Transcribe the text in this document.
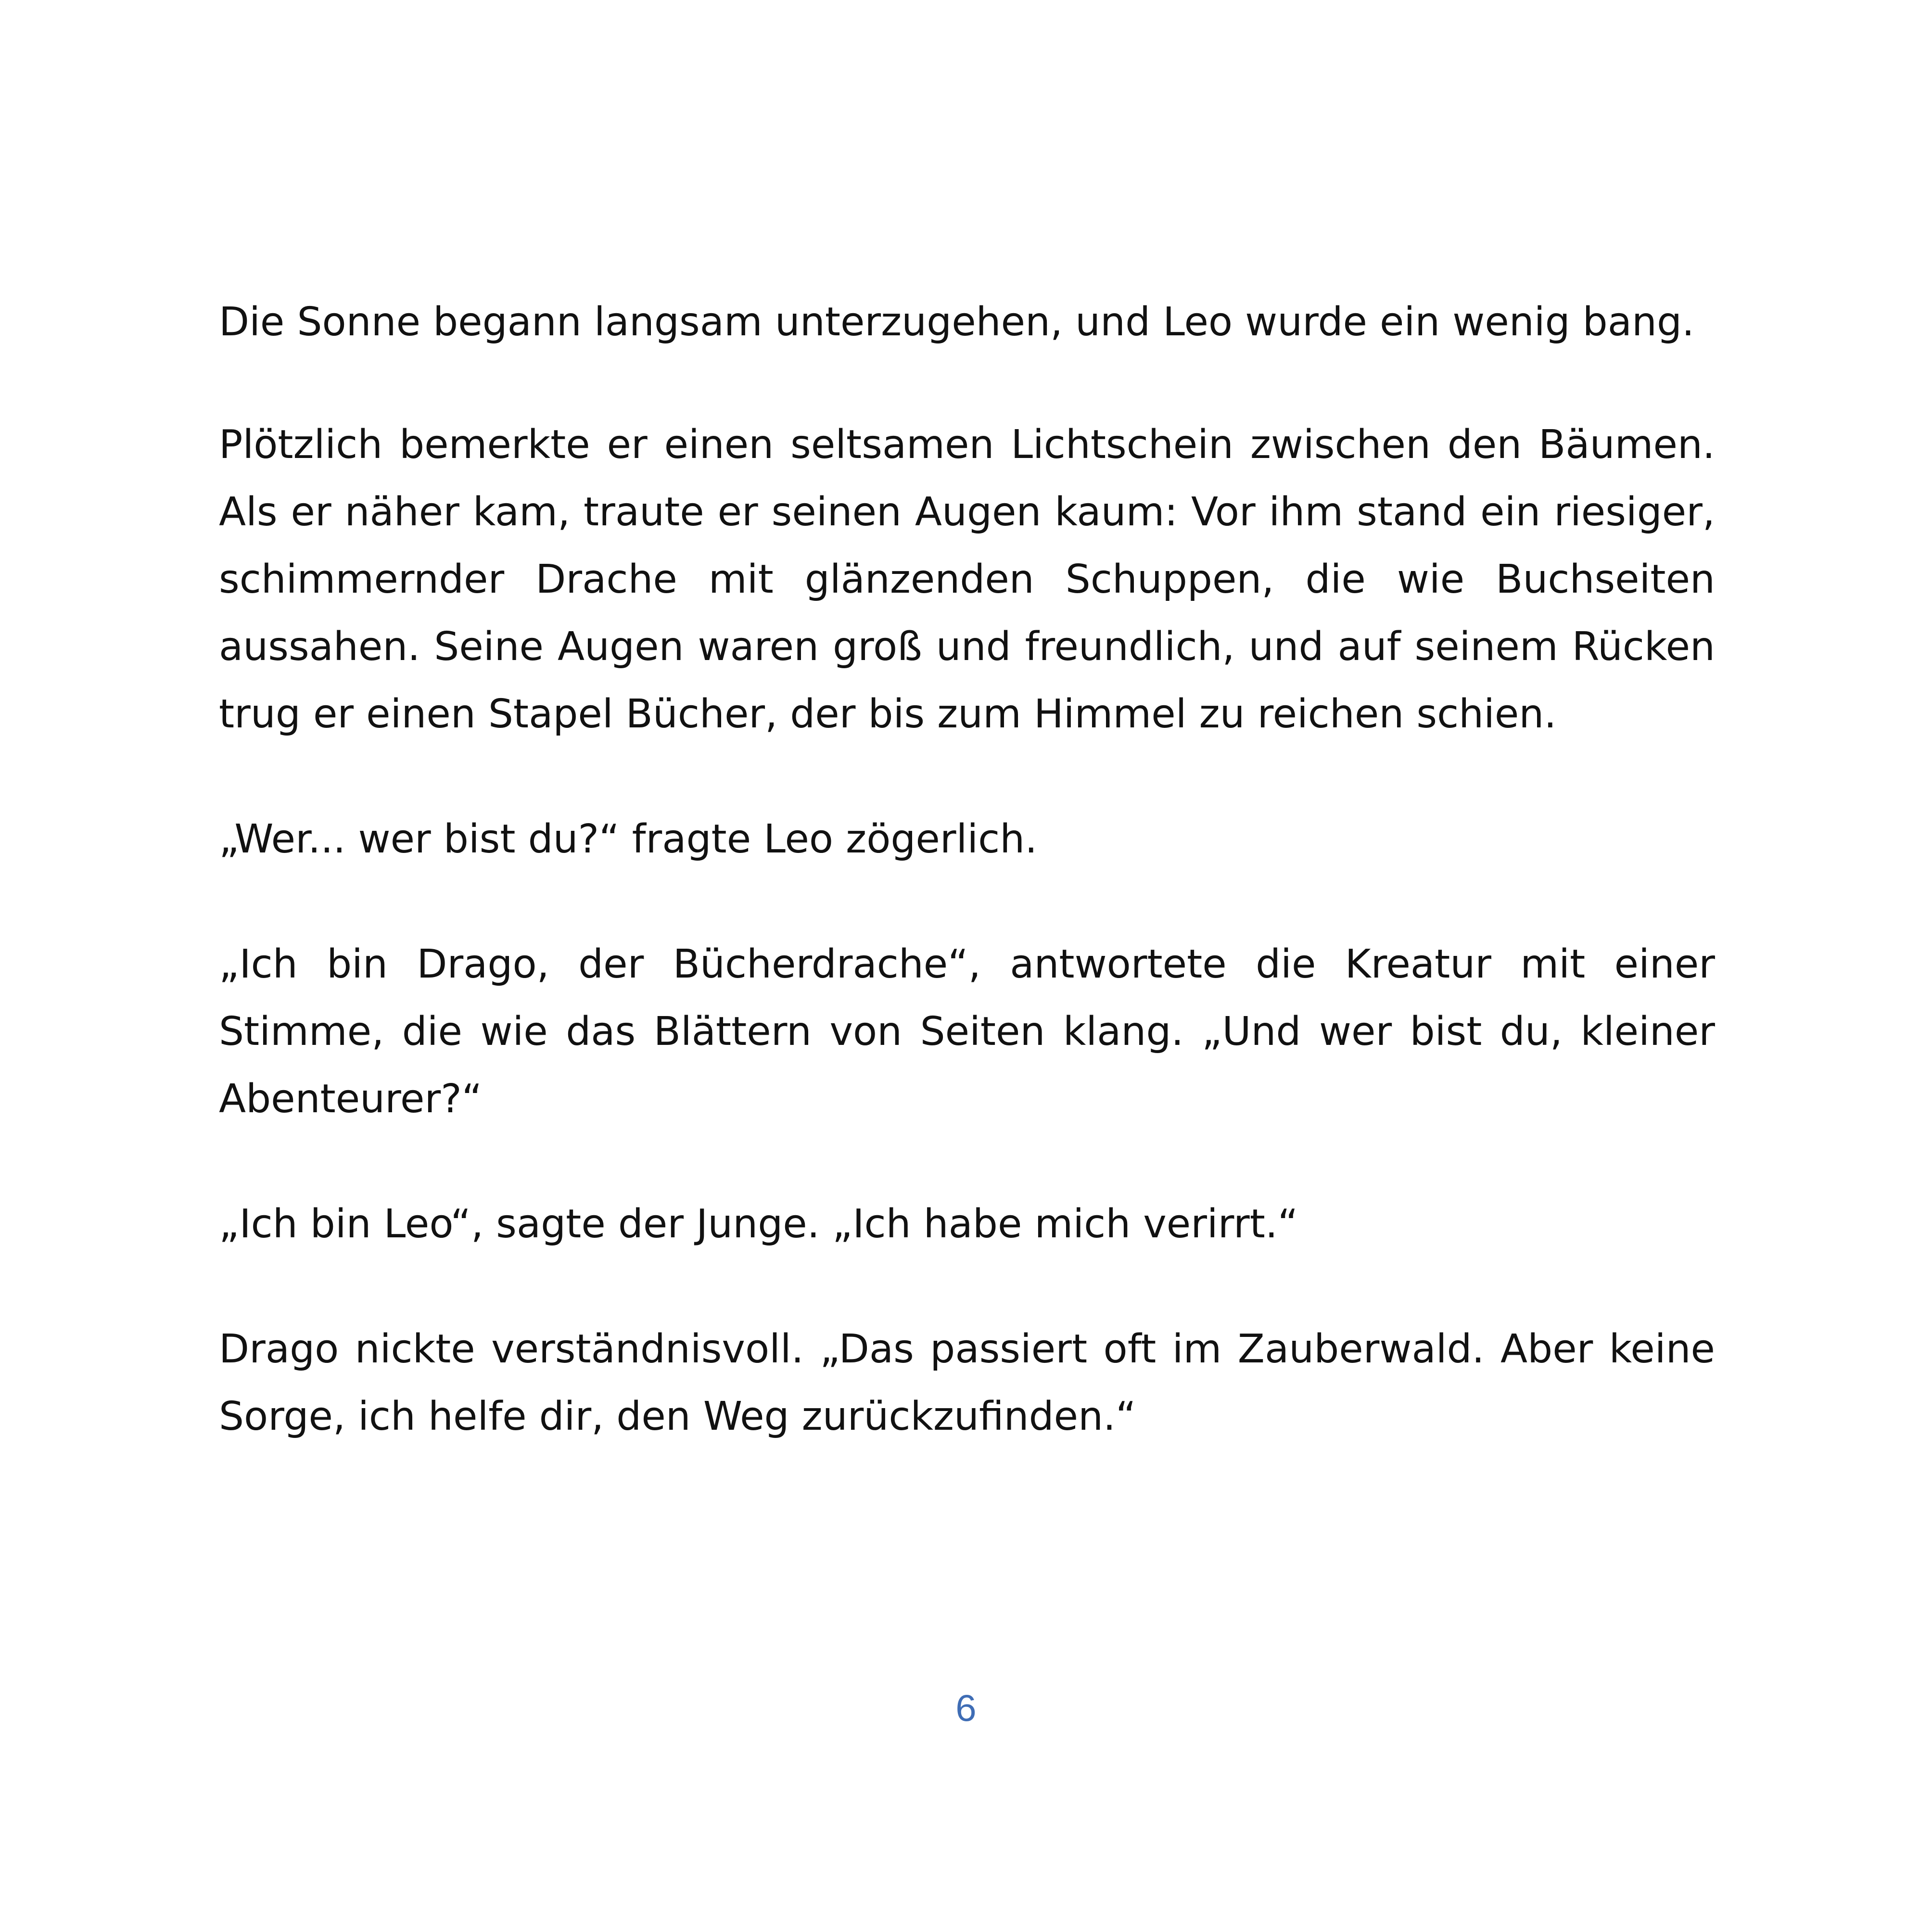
Die Sonne begann langsam unterzugehen, und Leo wurde ein wenig bang.

Plötzlich bemerkte er einen seltsamen Lichtschein zwischen den Bäumen. Als er näher kam, traute er seinen Augen kaum: Vor ihm stand ein riesiger, schimmernder Drache mit glänzenden Schuppen, die wie Buchseiten aussahen. Seine Augen waren groß und freundlich, und auf seinem Rücken trug er einen Stapel Bücher, der bis zum Himmel zu reichen schien.

„Wer... wer bist du?“ fragte Leo zögerlich.

„Ich bin Drago, der Bücherdrache“, antwortete die Kreatur mit einer Stimme, die wie das Blättern von Seiten klang. „Und wer bist du, kleiner Abenteurer?“

„Ich bin Leo“, sagte der Junge. „Ich habe mich verirrt.“

Drago nickte verständnisvoll. „Das passiert oft im Zauberwald. Aber keine Sorge, ich helfe dir, den Weg zurückzufinden.“

6
